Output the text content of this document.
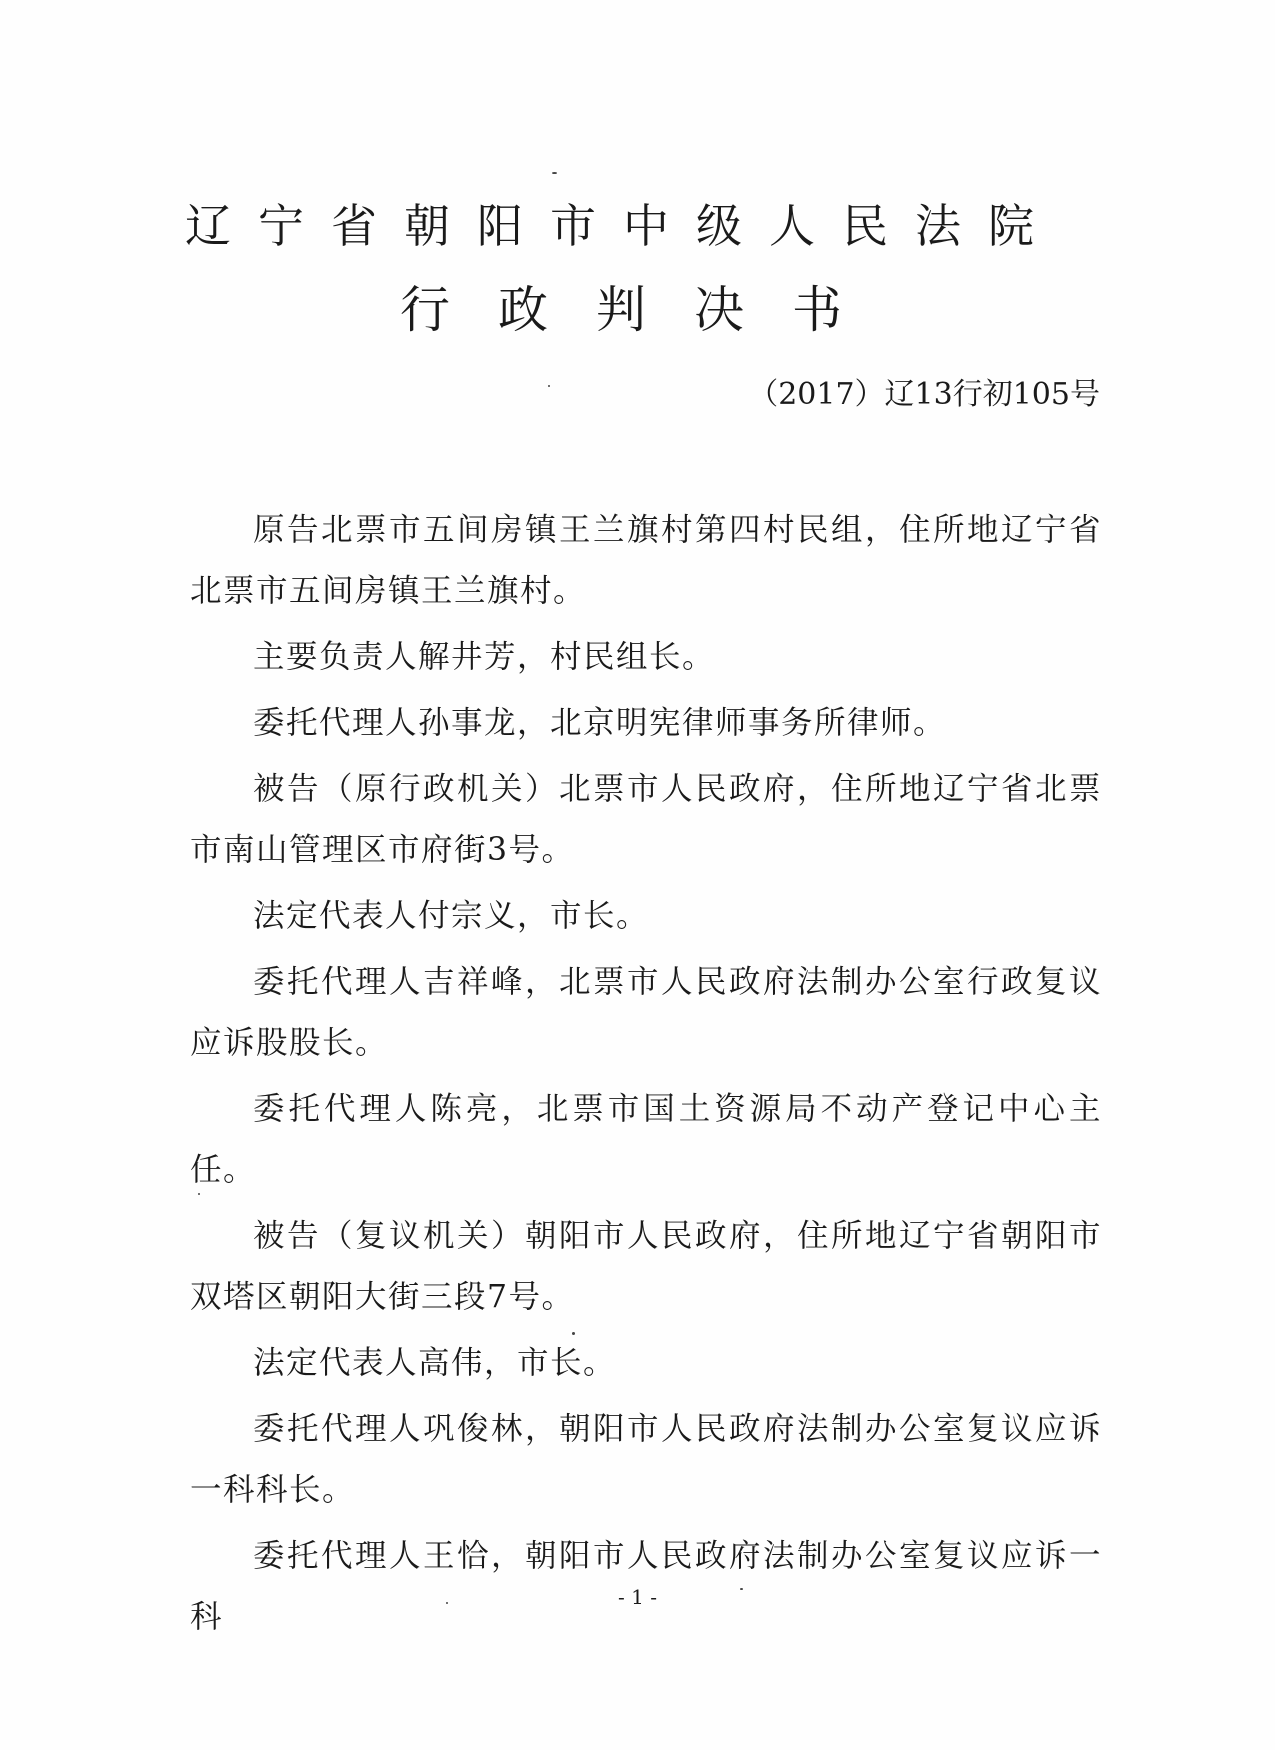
辽宁省朝阳市中级人民法院
行政判决书
（2017）辽13行初105号

原告北票市五间房镇王兰旗村第四村民组，住所地辽宁省北票市五间房镇王兰旗村。

主要负责人解井芳，村民组长。

委托代理人孙事龙，北京明宪律师事务所律师。

被告（原行政机关）北票市人民政府，住所地辽宁省北票市南山管理区市府街3号。

法定代表人付宗义，市长。

委托代理人吉祥峰，北票市人民政府法制办公室行政复议应诉股股长。

委托代理人陈亮，北票市国土资源局不动产登记中心主任。

被告（复议机关）朝阳市人民政府，住所地辽宁省朝阳市双塔区朝阳大街三段7号。

法定代表人高伟，市长。

委托代理人巩俊林，朝阳市人民政府法制办公室复议应诉一科科长。

委托代理人王恰，朝阳市人民政府法制办公室复议应诉一科

- 1 -
